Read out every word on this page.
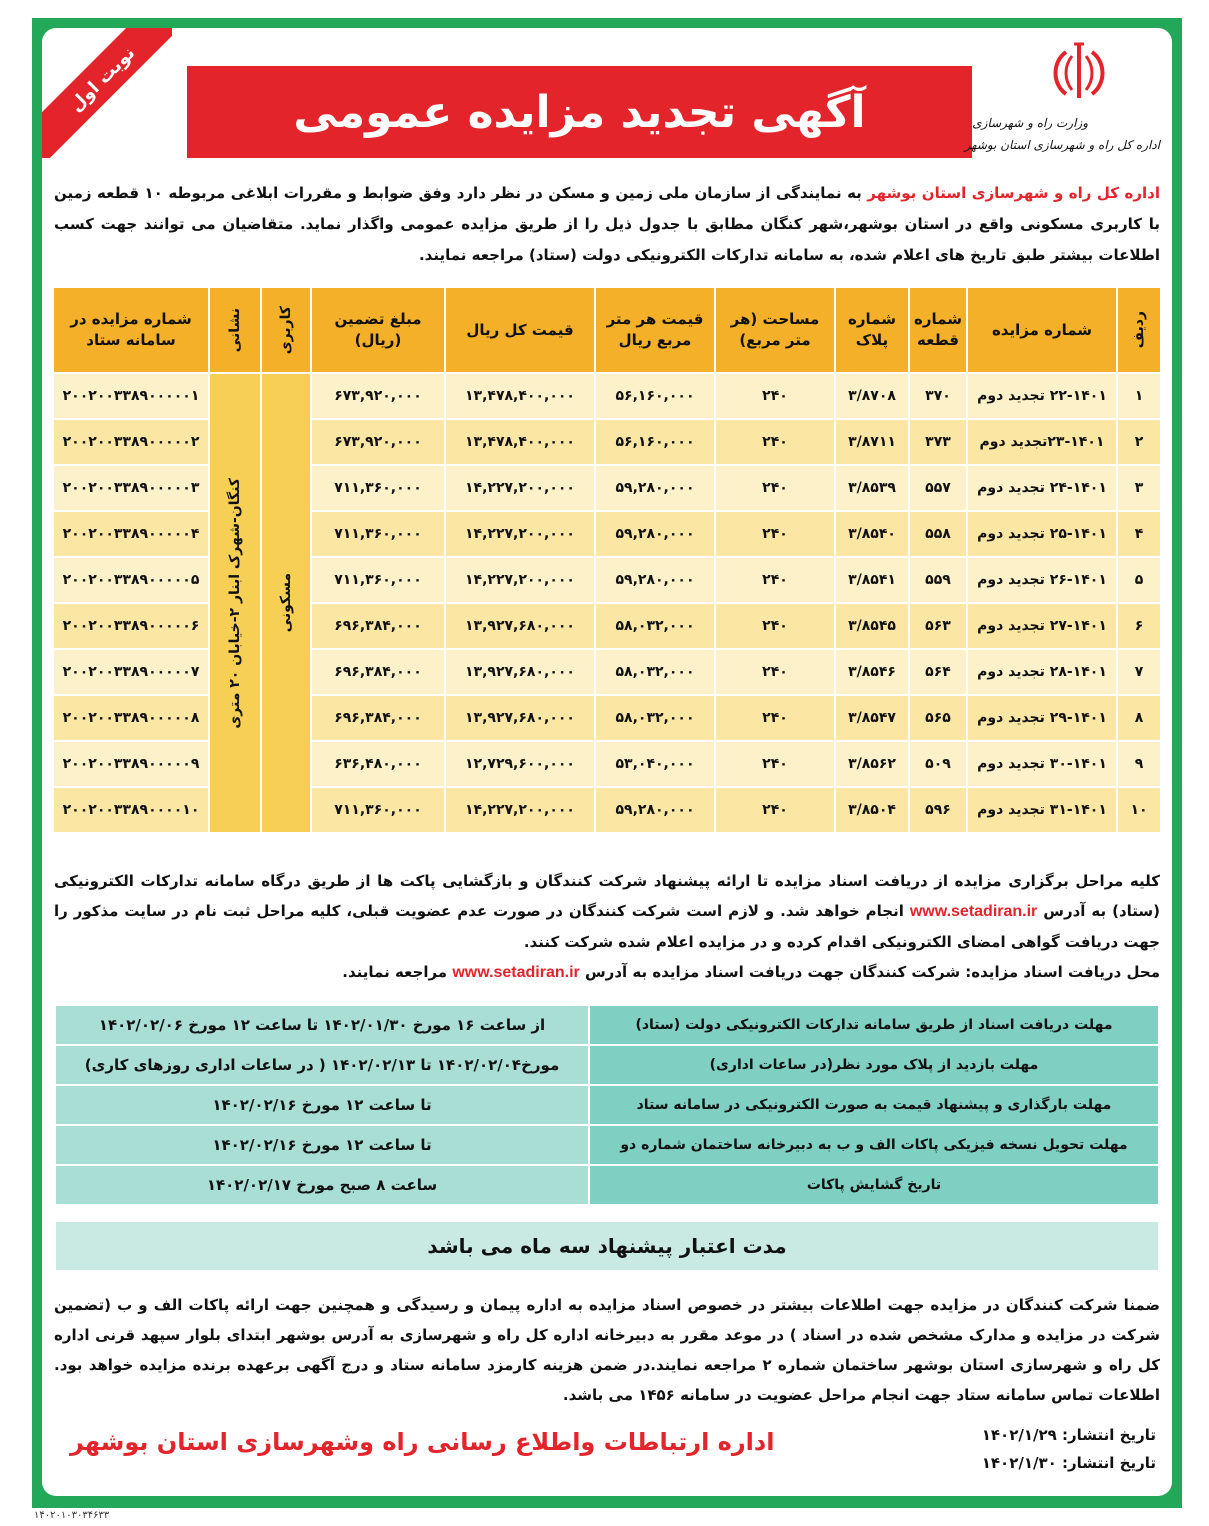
نوبت اول	آگهی تجدید مزایده عمومی	وزارت راه و شهرسازی
اداره کل راه و شهرسازی استان بوشهر
اداره کل راه و شهرسازی استان بوشهر به نمایندگی از سازمان ملی زمین و مسکن در نظر دارد وفق ضوابط و مقررات ابلاغی مربوطه ۱۰ قطعه زمین با کاربری مسکونی واقع در استان بوشهر،شهر کنگان مطابق با جدول ذیل را از طریق مزایده عمومی واگذار نماید. متقاضیان می توانند جهت کسب اطلاعات بیشتر طبق تاریخ های اعلام شده، به سامانه تدارکات الکترونیکی دولت (ستاد) مراجعه نمایند.
ردیف	شماره مزایده	شماره قطعه	شماره پلاک	مساحت (هر متر مربع)	قیمت هر متر مربع ریال	قیمت کل ریال	مبلغ تضمین (ریال)	کاربری	نشانی	شماره مزایده در سامانه ستاد
۱	۲۲-۱۴۰۱ تجدید دوم	۳۷۰	۳/۸۷۰۸	۲۴۰	۵۶,۱۶۰,۰۰۰	۱۳,۴۷۸,۴۰۰,۰۰۰	۶۷۳,۹۲۰,۰۰۰	مسکونی	کنگان-شهرک ابنار ۲-خیابان ۲۰ متری	۲۰۰۲۰۰۳۳۸۹۰۰۰۰۰۱
۲	۲۳-۱۴۰۱تجدید دوم	۳۷۳	۳/۸۷۱۱	۲۴۰	۵۶,۱۶۰,۰۰۰	۱۳,۴۷۸,۴۰۰,۰۰۰	۶۷۳,۹۲۰,۰۰۰			۲۰۰۲۰۰۳۳۸۹۰۰۰۰۰۲
۳	۲۴-۱۴۰۱ تجدید دوم	۵۵۷	۳/۸۵۳۹	۲۴۰	۵۹,۲۸۰,۰۰۰	۱۴,۲۲۷,۲۰۰,۰۰۰	۷۱۱,۳۶۰,۰۰۰			۲۰۰۲۰۰۳۳۸۹۰۰۰۰۰۳
۴	۲۵-۱۴۰۱ تجدید دوم	۵۵۸	۳/۸۵۴۰	۲۴۰	۵۹,۲۸۰,۰۰۰	۱۴,۲۲۷,۲۰۰,۰۰۰	۷۱۱,۳۶۰,۰۰۰			۲۰۰۲۰۰۳۳۸۹۰۰۰۰۰۴
۵	۲۶-۱۴۰۱ تجدید دوم	۵۵۹	۳/۸۵۴۱	۲۴۰	۵۹,۲۸۰,۰۰۰	۱۴,۲۲۷,۲۰۰,۰۰۰	۷۱۱,۳۶۰,۰۰۰			۲۰۰۲۰۰۳۳۸۹۰۰۰۰۰۵
۶	۲۷-۱۴۰۱ تجدید دوم	۵۶۳	۳/۸۵۴۵	۲۴۰	۵۸,۰۳۲,۰۰۰	۱۳,۹۲۷,۶۸۰,۰۰۰	۶۹۶,۳۸۴,۰۰۰			۲۰۰۲۰۰۳۳۸۹۰۰۰۰۰۶
۷	۲۸-۱۴۰۱ تجدید دوم	۵۶۴	۳/۸۵۴۶	۲۴۰	۵۸,۰۳۲,۰۰۰	۱۳,۹۲۷,۶۸۰,۰۰۰	۶۹۶,۳۸۴,۰۰۰			۲۰۰۲۰۰۳۳۸۹۰۰۰۰۰۷
۸	۲۹-۱۴۰۱ تجدید دوم	۵۶۵	۳/۸۵۴۷	۲۴۰	۵۸,۰۳۲,۰۰۰	۱۳,۹۲۷,۶۸۰,۰۰۰	۶۹۶,۳۸۴,۰۰۰			۲۰۰۲۰۰۳۳۸۹۰۰۰۰۰۸
۹	۳۰-۱۴۰۱ تجدید دوم	۵۰۹	۳/۸۵۶۲	۲۴۰	۵۳,۰۴۰,۰۰۰	۱۲,۷۲۹,۶۰۰,۰۰۰	۶۳۶,۴۸۰,۰۰۰			۲۰۰۲۰۰۳۳۸۹۰۰۰۰۰۹
۱۰	۳۱-۱۴۰۱ تجدید دوم	۵۹۶	۳/۸۵۰۴	۲۴۰	۵۹,۲۸۰,۰۰۰	۱۴,۲۲۷,۲۰۰,۰۰۰	۷۱۱,۳۶۰,۰۰۰			۲۰۰۲۰۰۳۳۸۹۰۰۰۰۱۰
کلیه مراحل برگزاری مزایده از دریافت اسناد مزایده تا ارائه پیشنهاد شرکت کنندگان و بازگشایی پاکت ها از طریق درگاه سامانه تدارکات الکترونیکی (ستاد) به آدرس www.setadiran.ir انجام خواهد شد. و لازم است شرکت کنندگان در صورت عدم عضویت قبلی، کلیه مراحل ثبت نام در سایت مذکور را جهت دریافت گواهی امضای الکترونیکی اقدام کرده و در مزایده اعلام شده شرکت کنند.
محل دریافت اسناد مزایده: شرکت کنندگان جهت دریافت اسناد مزایده به آدرس www.setadiran.ir مراجعه نمایند.
مهلت دریافت اسناد از طریق سامانه تدارکات الکترونیکی دولت (ستاد)	از ساعت ۱۶ مورخ ۱۴۰۲/۰۱/۳۰ تا ساعت ۱۲ مورخ ۱۴۰۲/۰۲/۰۶
مهلت بازدید از پلاک مورد نظر(در ساعات اداری)	مورخ۱۴۰۲/۰۲/۰۴ تا ۱۴۰۲/۰۲/۱۳ ( در ساعات اداری روزهای کاری)
مهلت بارگذاری و پیشنهاد قیمت به صورت الکترونیکی در سامانه ستاد	تا ساعت ۱۲ مورخ ۱۴۰۲/۰۲/۱۶
مهلت تحویل نسخه فیزیکی پاکات الف و ب به دبیرخانه ساختمان شماره دو	تا ساعت ۱۲ مورخ ۱۴۰۲/۰۲/۱۶
تاریخ گشایش پاکات	ساعت ۸ صبح مورخ ۱۴۰۲/۰۲/۱۷
مدت اعتبار پیشنهاد سه ماه می باشد
ضمنا شرکت کنندگان در مزایده جهت اطلاعات بیشتر در خصوص اسناد مزایده به اداره پیمان و رسیدگی و همچنین جهت ارائه پاکات الف و ب (تضمین شرکت در مزایده و مدارک مشخص شده در اسناد ) در موعد مقرر به دبیرخانه اداره کل راه و شهرسازی به آدرس بوشهر ابتدای بلوار سپهد قرنی اداره کل راه و شهرسازی استان بوشهر ساختمان شماره ۲ مراجعه نمایند.در ضمن هزینه کارمزد سامانه ستاد و درج آگهی برعهده برنده مزایده خواهد بود. اطلاعات تماس سامانه ستاد جهت انجام مراحل عضویت در سامانه ۱۴۵۶ می باشد.
تاریخ انتشار: ۱۴۰۲/۱/۲۹
تاریخ انتشار: ۱۴۰۲/۱/۳۰
اداره ارتباطات واطلاع رسانی راه وشهرسازی استان بوشهر
۱۴۰۲۰۱۰۳۰۳۴۶۳۳
